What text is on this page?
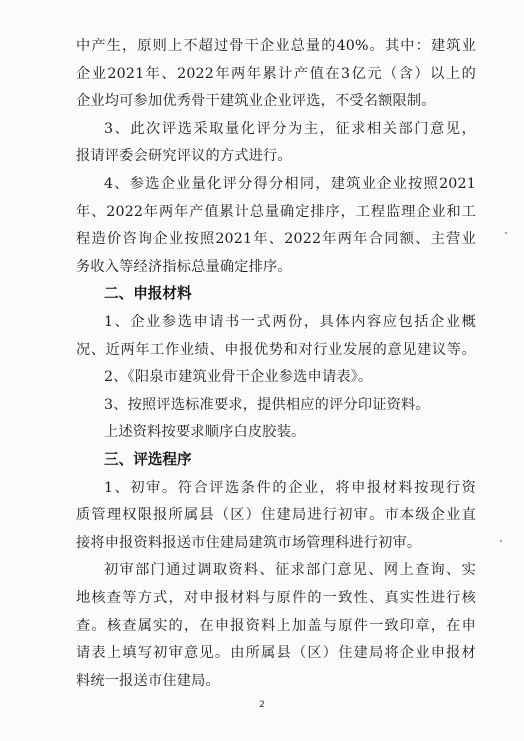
中产生，原则上不超过骨干企业总量的40%。其中：建筑业
企业2021年、2022年两年累计产值在3亿元（含）以上的
企业均可参加优秀骨干建筑业企业评选，不受名额限制。
3、此次评选采取量化评分为主，征求相关部门意见，
报请评委会研究评议的方式进行。
4、参选企业量化评分得分相同，建筑业企业按照2021
年、2022年两年产值累计总量确定排序，工程监理企业和工
程造价咨询企业按照2021年、2022年两年合同额、主营业
务收入等经济指标总量确定排序。
二、申报材料
1、企业参选申请书一式两份，具体内容应包括企业概
况、近两年工作业绩、申报优势和对行业发展的意见建议等。
2、《阳泉市建筑业骨干企业参选申请表》。
3、按照评选标准要求，提供相应的评分印证资料。
上述资料按要求顺序白皮胶装。
三、评选程序
1、初审。符合评选条件的企业，将申报材料按现行资
质管理权限报所属县（区）住建局进行初审。市本级企业直
接将申报资料报送市住建局建筑市场管理科进行初审。
初审部门通过调取资料、征求部门意见、网上查询、实
地核查等方式，对申报材料与原件的一致性、真实性进行核
查。核查属实的，在申报资料上加盖与原件一致印章，在申
请表上填写初审意见。由所属县（区）住建局将企业申报材
料统一报送市住建局。
2
